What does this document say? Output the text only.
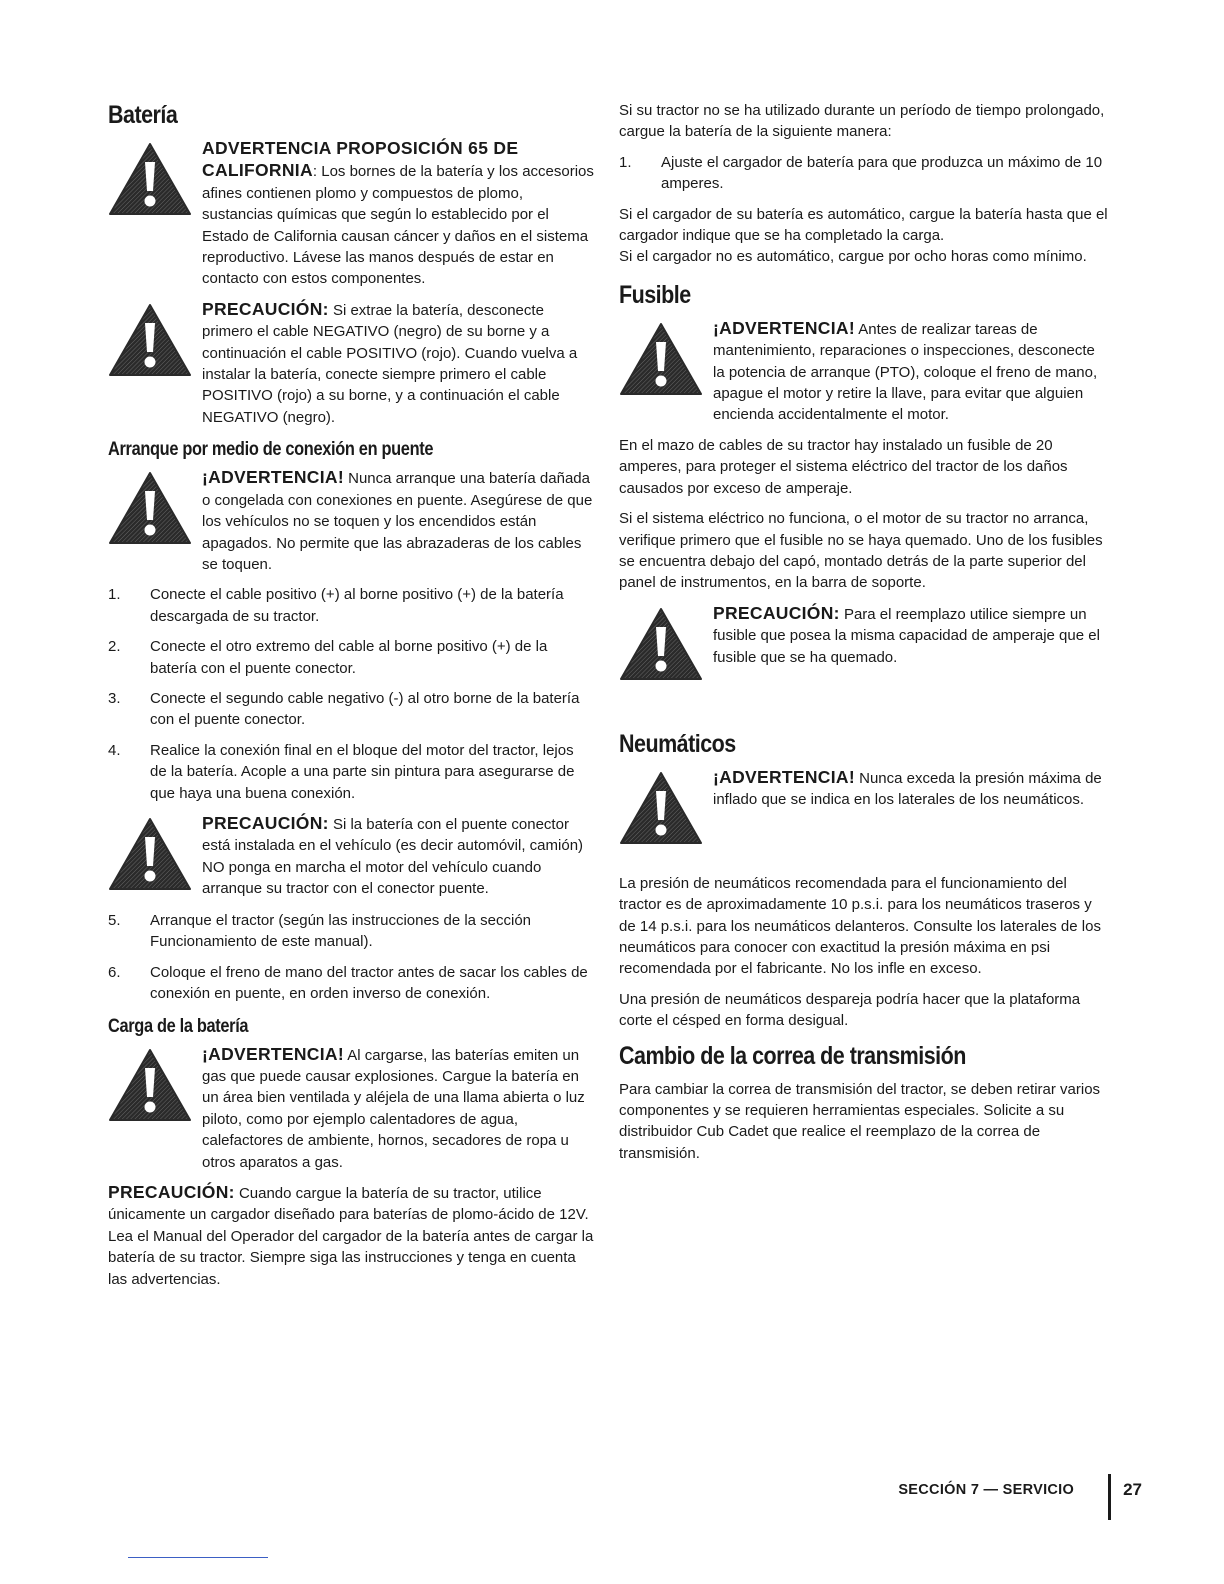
Batería

ADVERTENCIA PROPOSICIÓN 65 DE CALIFORNIA: Los bornes de la batería y los accesorios afines contienen plomo y compuestos de plomo, sustancias químicas que según lo establecido por el Estado de California causan cáncer y daños en el sistema reproductivo. Lávese las manos después de estar en contacto con estos componentes.

PRECAUCIÓN: Si extrae la batería, desconecte primero el cable NEGATIVO (negro) de su borne y a continuación el cable POSITIVO (rojo). Cuando vuelva a instalar la batería, conecte siempre primero el cable POSITIVO (rojo) a su borne, y a continuación el cable NEGATIVO (negro).

Arranque por medio de conexión en puente

¡ADVERTENCIA! Nunca arranque una batería dañada o congelada con conexiones en puente. Asegúrese de que los vehículos no se toquen y los encendidos están apagados. No permite que las abrazaderas de los cables se toquen.

1.	Conecte el cable positivo (+) al borne positivo (+) de la batería descargada de su tractor.
2.	Conecte el otro extremo del cable al borne positivo (+) de la batería con el puente conector.
3.	Conecte el segundo cable negativo (-) al otro borne de la batería con el puente conector.
4.	Realice la conexión final en el bloque del motor del tractor, lejos de la batería. Acople a una parte sin pintura para asegurarse de que haya una buena conexión.

PRECAUCIÓN: Si la batería con el puente conector está instalada en el vehículo (es decir automóvil, camión) NO ponga en marcha el motor del vehículo cuando arranque su tractor con el conector puente.

5.	Arranque el tractor (según las instrucciones de la sección Funcionamiento de este manual).
6.	Coloque el freno de mano del tractor antes de sacar los cables de conexión en puente, en orden inverso de conexión.
Carga de la batería

¡ADVERTENCIA! Al cargarse, las baterías emiten un gas que puede causar explosiones. Cargue la batería en un área bien ventilada y aléjela de una llama abierta o luz piloto, como por ejemplo calentadores de agua, calefactores de ambiente, hornos, secadores de ropa u otros aparatos a gas.

PRECAUCIÓN: Cuando cargue la batería de su tractor, utilice únicamente un cargador diseñado para baterías de plomo-ácido de 12V. Lea el Manual del Operador del cargador de la batería antes de cargar la batería de su tractor. Siempre siga las instrucciones y tenga en cuenta las advertencias.

Si su tractor no se ha utilizado durante un período de tiempo prolongado, cargue la batería de la siguiente manera:

1.	Ajuste el cargador de batería para que produzca un máximo de 10 amperes.

Si el cargador de su batería es automático, cargue la batería hasta que el cargador indique que se ha completado la carga.

Si el cargador no es automático, cargue por ocho horas como mínimo.

Fusible

¡ADVERTENCIA! Antes de realizar tareas de mantenimiento, reparaciones o inspecciones, desconecte la potencia de arranque (PTO), coloque el freno de mano, apague el motor y retire la llave, para evitar que alguien encienda accidentalmente el motor.

En el mazo de cables de su tractor hay instalado un fusible de 20 amperes, para proteger el sistema eléctrico del tractor de los daños causados por exceso de amperaje.

Si el sistema eléctrico no funciona, o el motor de su tractor no arranca, verifique primero que el fusible no se haya quemado. Uno de los fusibles se encuentra debajo del capó, montado detrás de la parte superior del panel de instrumentos, en la barra de soporte.

PRECAUCIÓN: Para el reemplazo utilice siempre un fusible que posea la misma capacidad de amperaje que el fusible que se ha quemado.

Neumáticos

¡ADVERTENCIA! Nunca exceda la presión máxima de inflado que se indica en los laterales de los neumáticos.

La presión de neumáticos recomendada para el funcionamiento del tractor es de aproximadamente 10 p.s.i. para los neumáticos traseros y de 14 p.s.i. para los neumáticos delanteros. Consulte los laterales de los neumáticos para conocer con exactitud la presión máxima en psi recomendada por el fabricante. No los infle en exceso.

Una presión de neumáticos despareja podría hacer que la plataforma corte el césped en forma desigual.

Cambio de la correa de transmisión

Para cambiar la correa de transmisión del tractor, se deben retirar varios componentes y se requieren herramientas especiales. Solicite a su distribuidor Cub Cadet que realice el reemplazo de la correa de transmisión.

SECCIÓN 7 — SERVICIO	27
